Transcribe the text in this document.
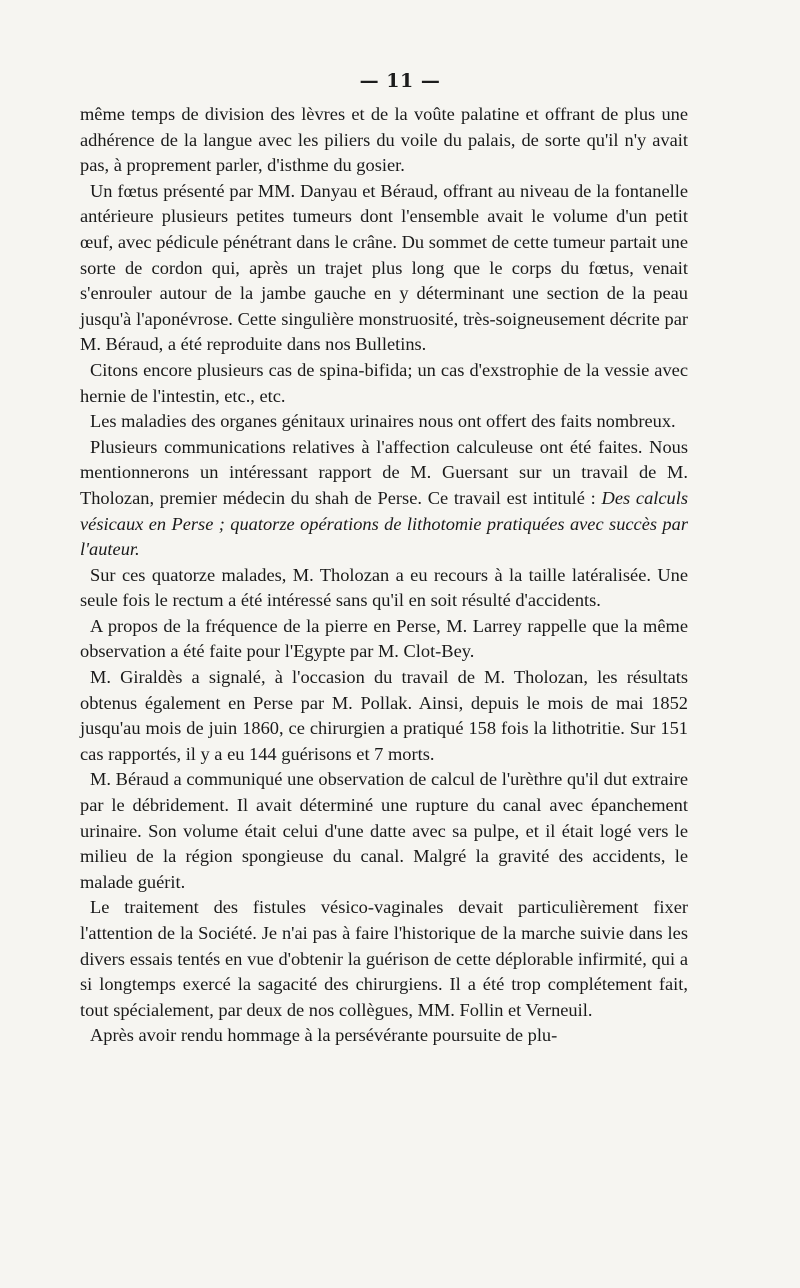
— 11 —

même temps de division des lèvres et de la voûte palatine et offrant de plus une adhérence de la langue avec les piliers du voile du palais, de sorte qu'il n'y avait pas, à proprement parler, d'isthme du gosier.

Un fœtus présenté par MM. Danyau et Béraud, offrant au niveau de la fontanelle antérieure plusieurs petites tumeurs dont l'ensemble avait le volume d'un petit œuf, avec pédicule pénétrant dans le crâne. Du sommet de cette tumeur partait une sorte de cordon qui, après un trajet plus long que le corps du fœtus, venait s'enrouler autour de la jambe gauche en y déterminant une section de la peau jusqu'à l'aponévrose. Cette singulière monstruosité, très-soigneusement décrite par M. Béraud, a été reproduite dans nos Bulletins.

Citons encore plusieurs cas de spina-bifida; un cas d'exstrophie de la vessie avec hernie de l'intestin, etc., etc.

Les maladies des organes génitaux urinaires nous ont offert des faits nombreux.

Plusieurs communications relatives à l'affection calculeuse ont été faites. Nous mentionnerons un intéressant rapport de M. Guersant sur un travail de M. Tholozan, premier médecin du shah de Perse. Ce travail est intitulé : Des calculs vésicaux en Perse ; quatorze opérations de lithotomie pratiquées avec succès par l'auteur.

Sur ces quatorze malades, M. Tholozan a eu recours à la taille latéralisée. Une seule fois le rectum a été intéressé sans qu'il en soit résulté d'accidents.

A propos de la fréquence de la pierre en Perse, M. Larrey rappelle que la même observation a été faite pour l'Egypte par M. Clot-Bey.

M. Giraldès a signalé, à l'occasion du travail de M. Tholozan, les résultats obtenus également en Perse par M. Pollak. Ainsi, depuis le mois de mai 1852 jusqu'au mois de juin 1860, ce chirurgien a pratiqué 158 fois la lithotritie. Sur 151 cas rapportés, il y a eu 144 guérisons et 7 morts.

M. Béraud a communiqué une observation de calcul de l'urèthre qu'il dut extraire par le débridement. Il avait déterminé une rupture du canal avec épanchement urinaire. Son volume était celui d'une datte avec sa pulpe, et il était logé vers le milieu de la région spongieuse du canal. Malgré la gravité des accidents, le malade guérit.

Le traitement des fistules vésico-vaginales devait particulièrement fixer l'attention de la Société. Je n'ai pas à faire l'historique de la marche suivie dans les divers essais tentés en vue d'obtenir la guérison de cette déplorable infirmité, qui a si longtemps exercé la sagacité des chirurgiens. Il a été trop complétement fait, tout spécialement, par deux de nos collègues, MM. Follin et Verneuil.

Après avoir rendu hommage à la persévérante poursuite de plu-
